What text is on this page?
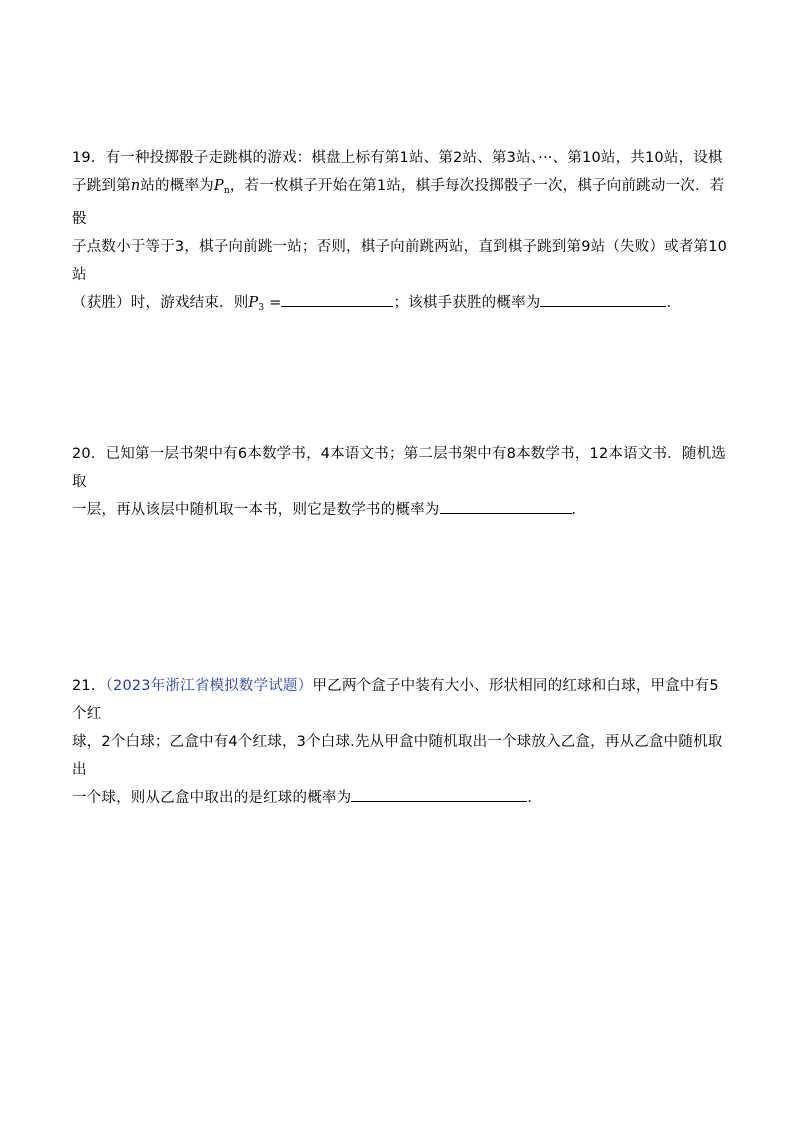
19．有一种投掷骰子走跳棋的游戏：棋盘上标有第1站、第2站、第3站、···、第10站，共10站，设棋
子跳到第n站的概率为$P_n$，若一枚棋子开始在第1站，棋手每次投掷骰子一次，棋子向前跳动一次．若骰
子点数小于等于3，棋子向前跳一站；否则，棋子向前跳两站，直到棋子跳到第9站（失败）或者第10站
（获胜）时，游戏结束．则$P_3$ =	；该棋手获胜的概率为	．
20．已知第一层书架中有6本数学书，4本语文书；第二层书架中有8本数学书，12本语文书．随机选取
一层，再从该层中随机取一本书，则它是数学书的概率为	．
21．（2023年浙江省模拟数学试题）甲乙两个盒子中装有大小、形状相同的红球和白球，甲盒中有5个红
球，2个白球；乙盒中有4个红球，3个白球.先从甲盒中随机取出一个球放入乙盒，再从乙盒中随机取出
一个球，则从乙盒中取出的是红球的概率为	．
